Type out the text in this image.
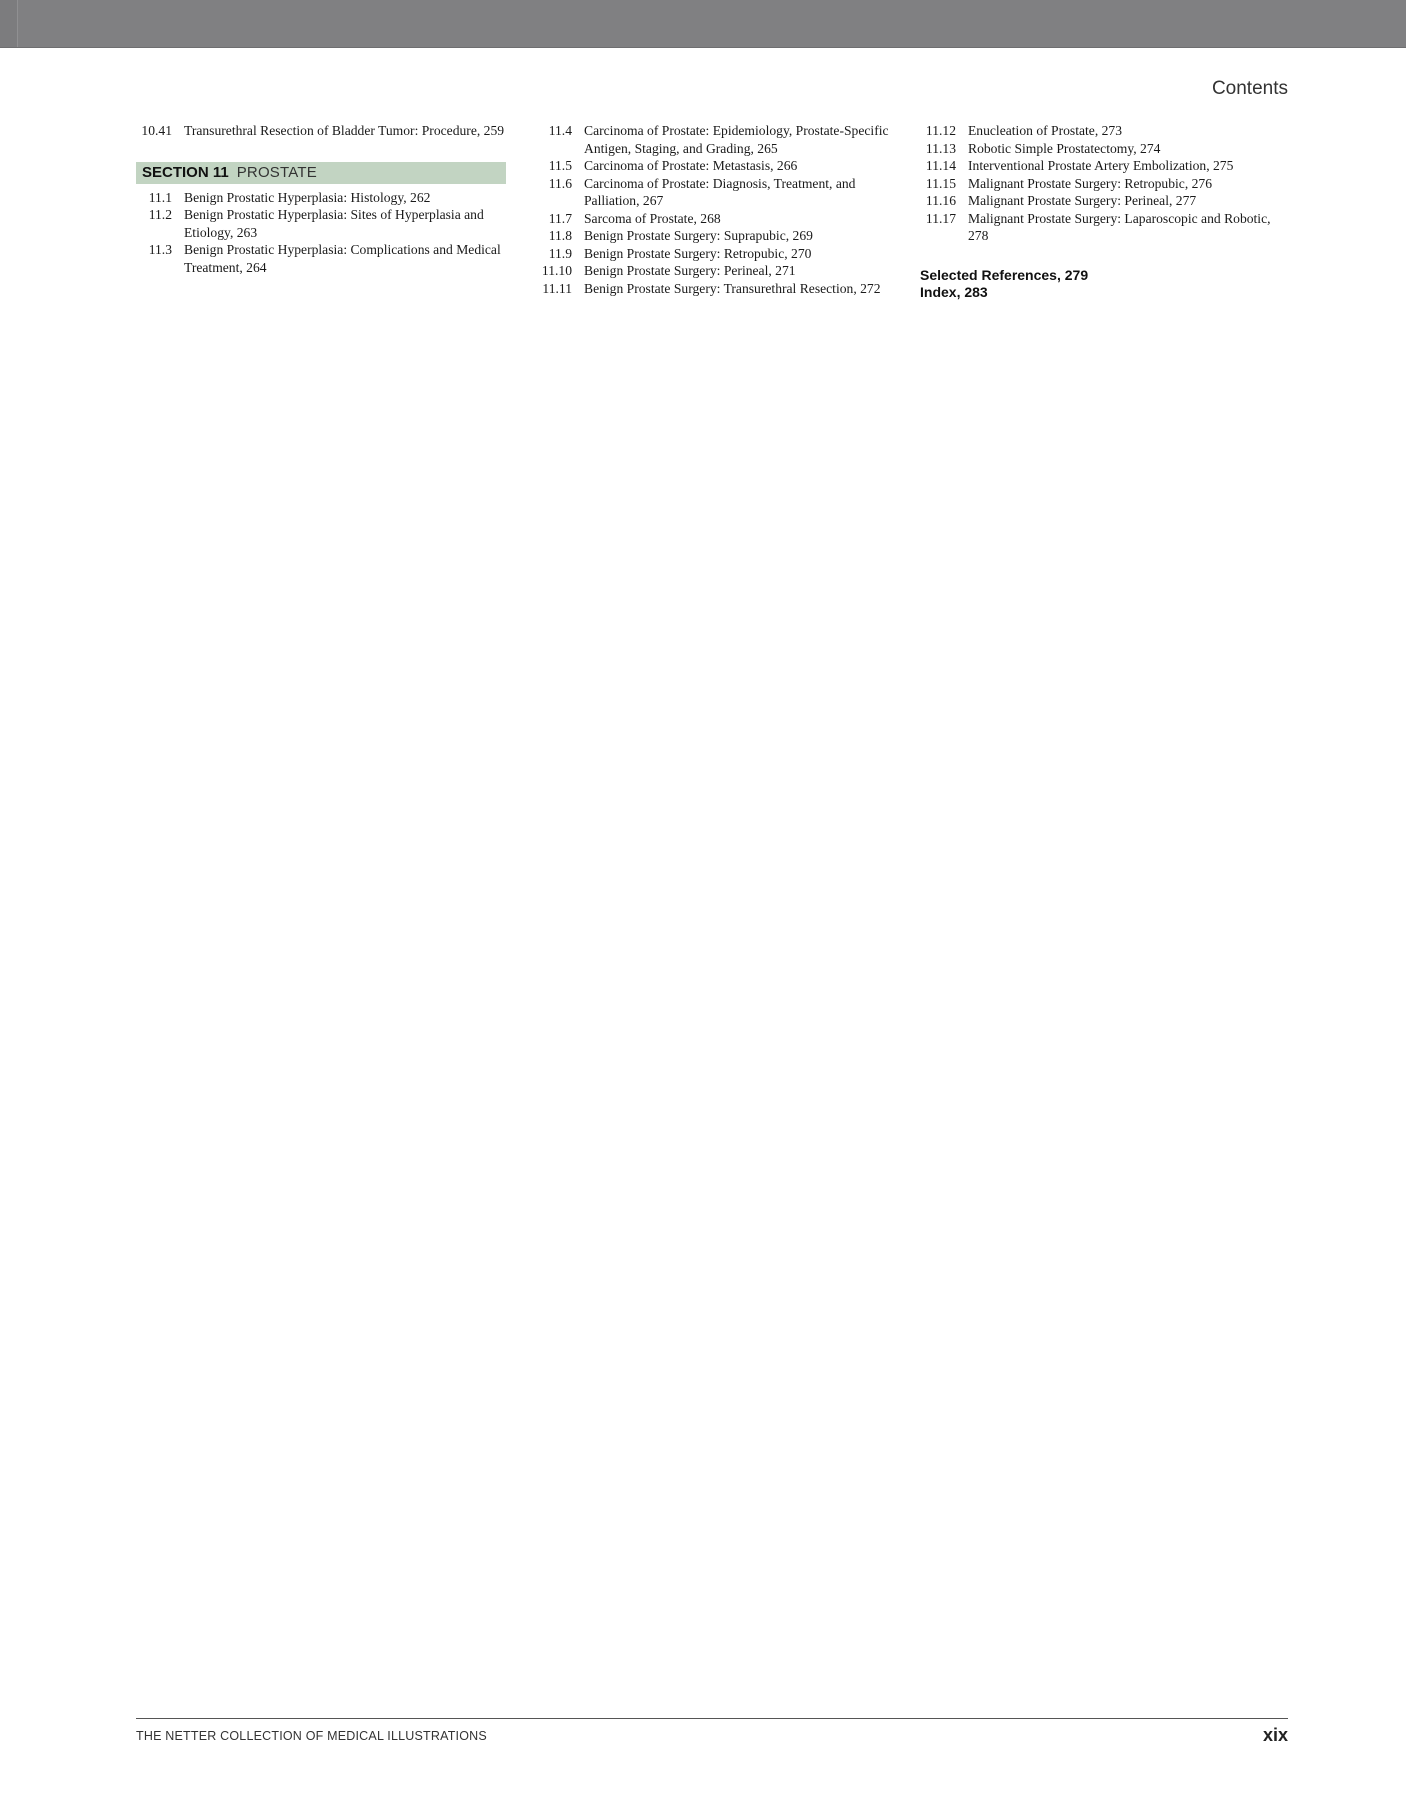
Contents
10.41 Transurethral Resection of Bladder Tumor: Procedure, 259
SECTION 11 PROSTATE
11.1 Benign Prostatic Hyperplasia: Histology, 262
11.2 Benign Prostatic Hyperplasia: Sites of Hyperplasia and Etiology, 263
11.3 Benign Prostatic Hyperplasia: Complications and Medical Treatment, 264
11.4 Carcinoma of Prostate: Epidemiology, Prostate-Specific Antigen, Staging, and Grading, 265
11.5 Carcinoma of Prostate: Metastasis, 266
11.6 Carcinoma of Prostate: Diagnosis, Treatment, and Palliation, 267
11.7 Sarcoma of Prostate, 268
11.8 Benign Prostate Surgery: Suprapubic, 269
11.9 Benign Prostate Surgery: Retropubic, 270
11.10 Benign Prostate Surgery: Perineal, 271
11.11 Benign Prostate Surgery: Transurethral Resection, 272
11.12 Enucleation of Prostate, 273
11.13 Robotic Simple Prostatectomy, 274
11.14 Interventional Prostate Artery Embolization, 275
11.15 Malignant Prostate Surgery: Retropubic, 276
11.16 Malignant Prostate Surgery: Perineal, 277
11.17 Malignant Prostate Surgery: Laparoscopic and Robotic, 278
Selected References, 279
Index, 283
THE NETTER COLLECTION OF MEDICAL ILLUSTRATIONS	xix
